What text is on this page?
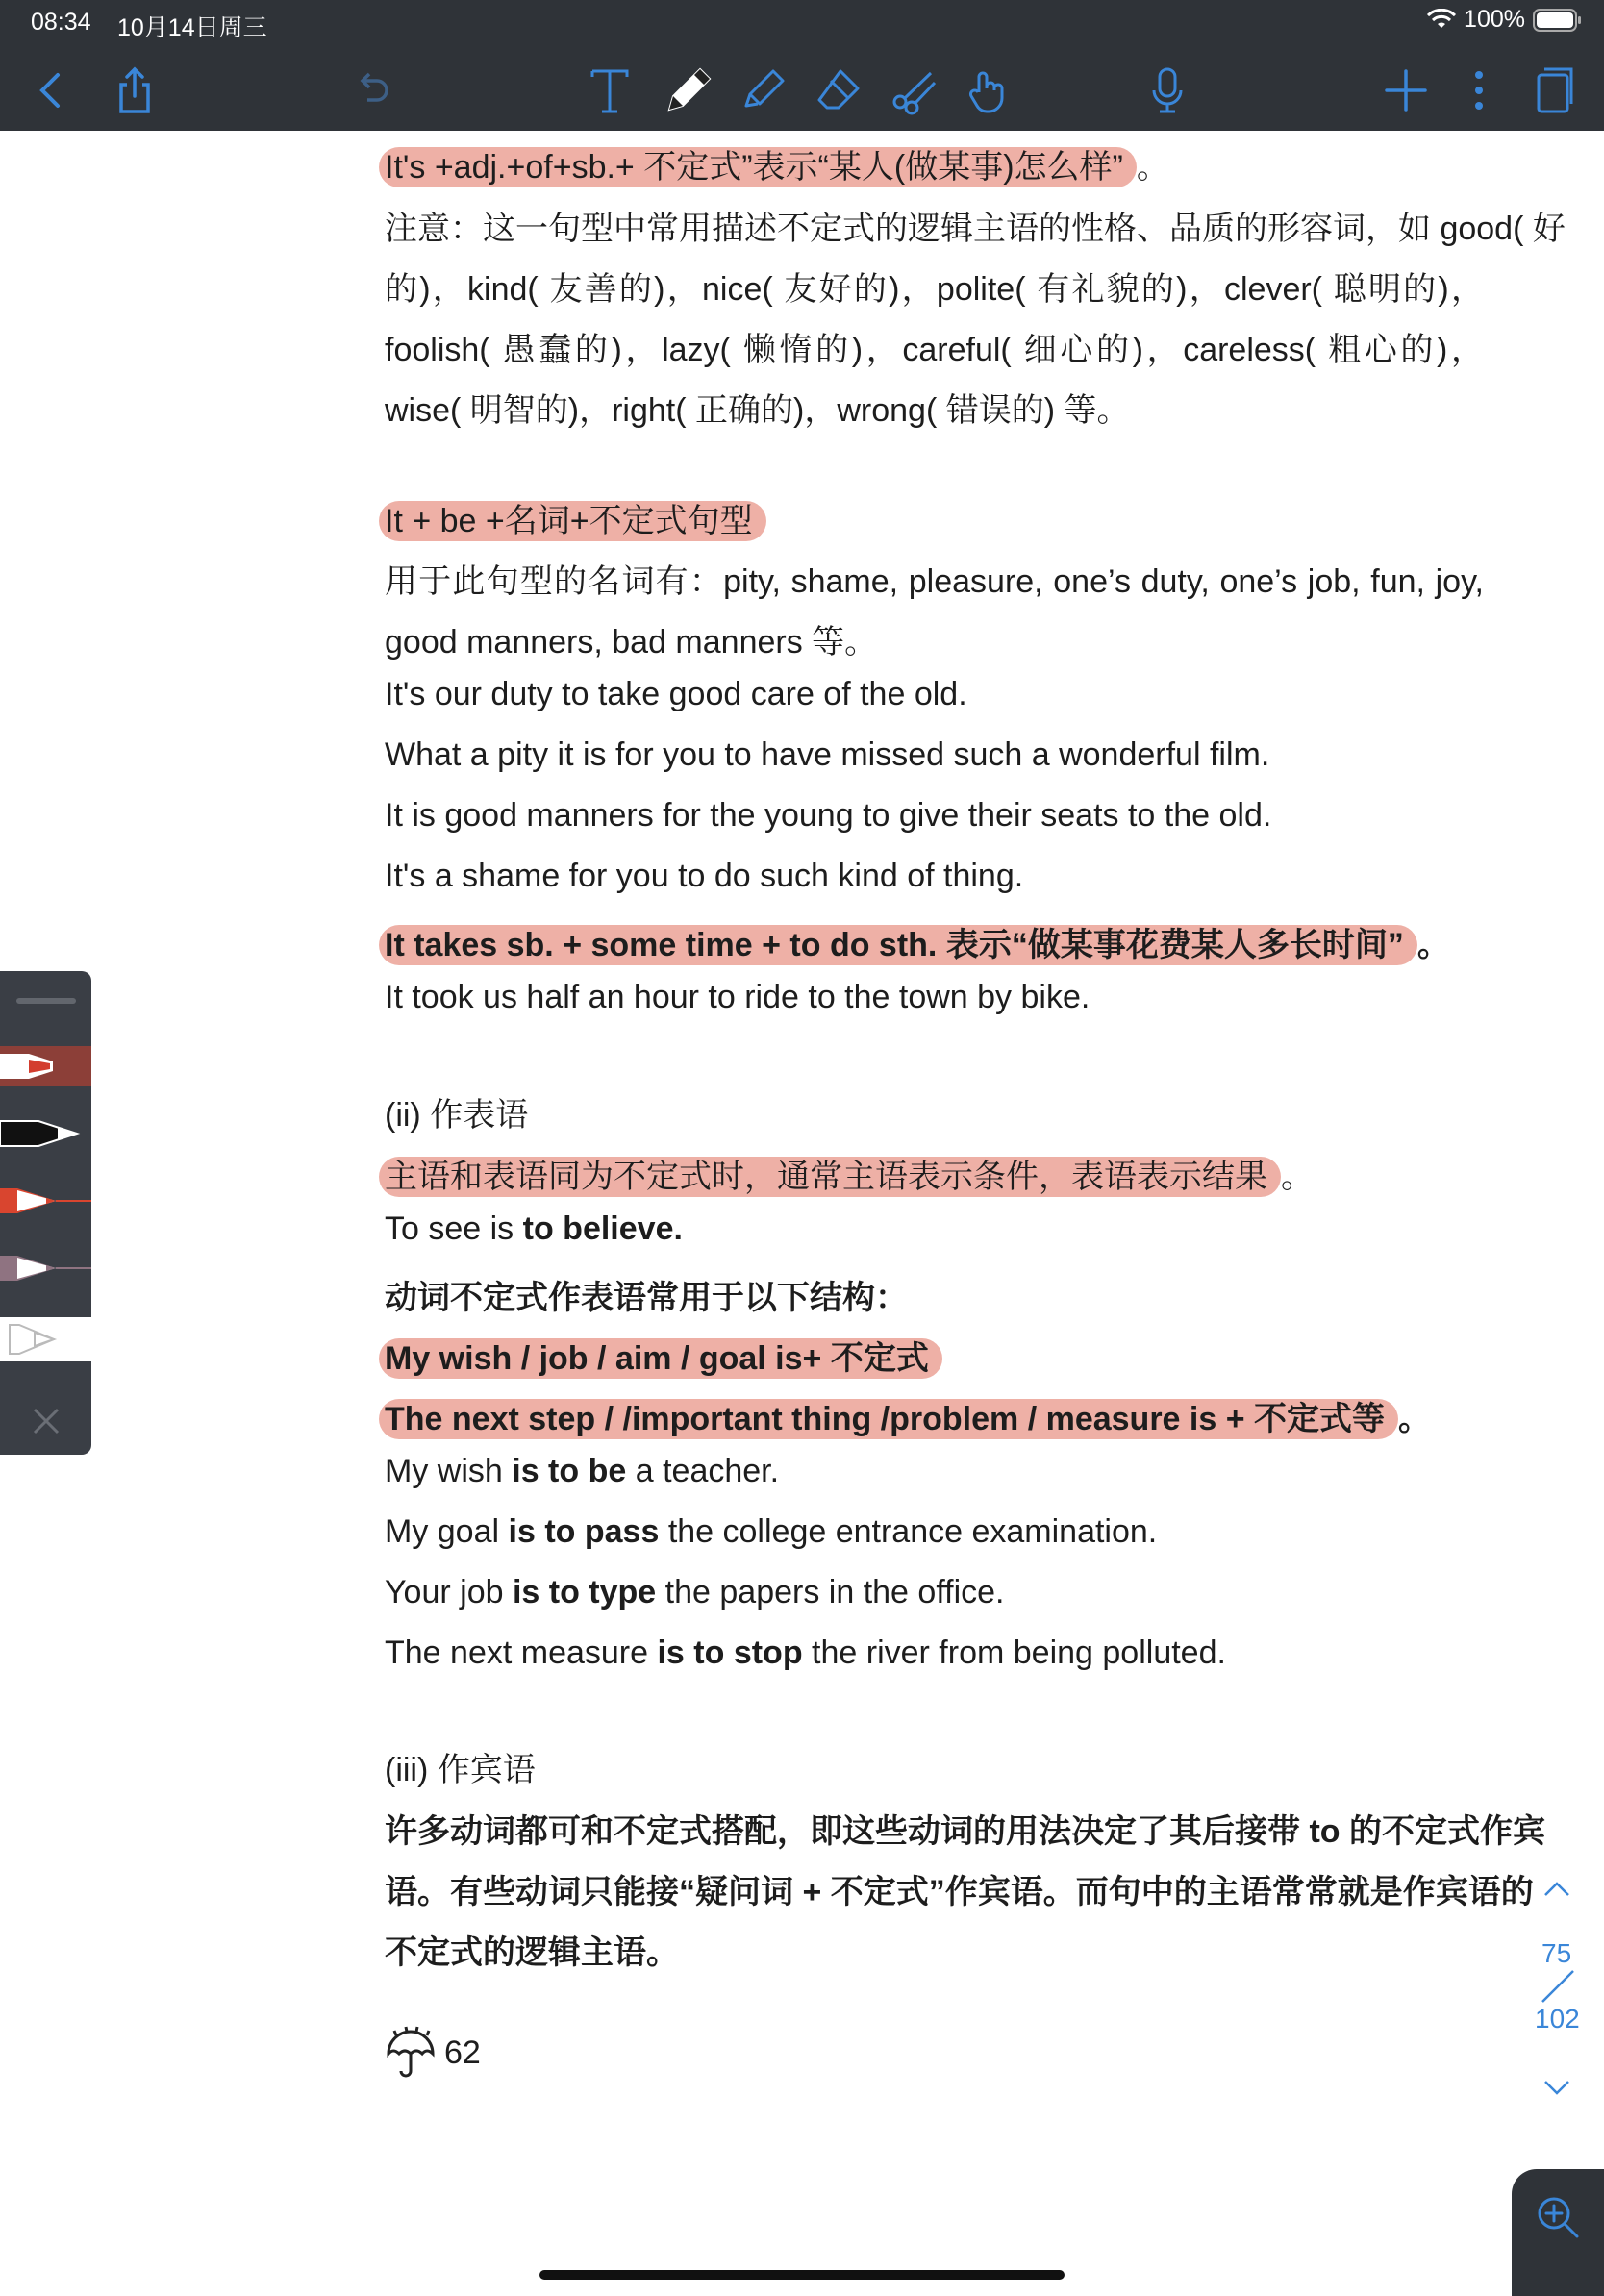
08:34 10月14日周三	100%
It's +adj.+of+sb.+ 不定式”表示“某人(做某事)怎么样” 。
注意：这一句型中常用描述不定式的逻辑主语的性格、品质的形容词，如 good( 好
的)，kind( 友善的)，nice( 友好的)，polite( 有礼貌的)，clever( 聪明的)，
foolish( 愚蠢的)，lazy( 懒惰的)，careful( 细心的)，careless( 粗心的)，
wise( 明智的)，right( 正确的)，wrong( 错误的) 等。
It + be +名词+不定式句型
用于此句型的名词有：pity, shame, pleasure, one’s duty, one’s job, fun, joy,
good manners, bad manners 等。
It's our duty to take good care of the old.
What a pity it is for you to have missed such a wonderful film.
It is good manners for the young to give their seats to the old.
It's a shame for you to do such kind of thing.
It takes sb. + some time + to do sth. 表示“做某事花费某人多长时间” 。
It took us half an hour to ride to the town by bike.
(ii) 作表语
主语和表语同为不定式时，通常主语表示条件，表语表示结果 。
To see is to believe.
动词不定式作表语常用于以下结构：
My wish / job / aim / goal is+ 不定式
The next step / /important thing /problem / measure is + 不定式等 。
My wish is to be a teacher.
My goal is to pass the college entrance examination.
Your job is to type the papers in the office.
The next measure is to stop the river from being polluted.
(iii) 作宾语
许多动词都可和不定式搭配，即这些动词的用法决定了其后接带 to 的不定式作宾
语。有些动词只能接“疑问词 + 不定式”作宾语。而句中的主语常常就是作宾语的
不定式的逻辑主语。
62
75
102
